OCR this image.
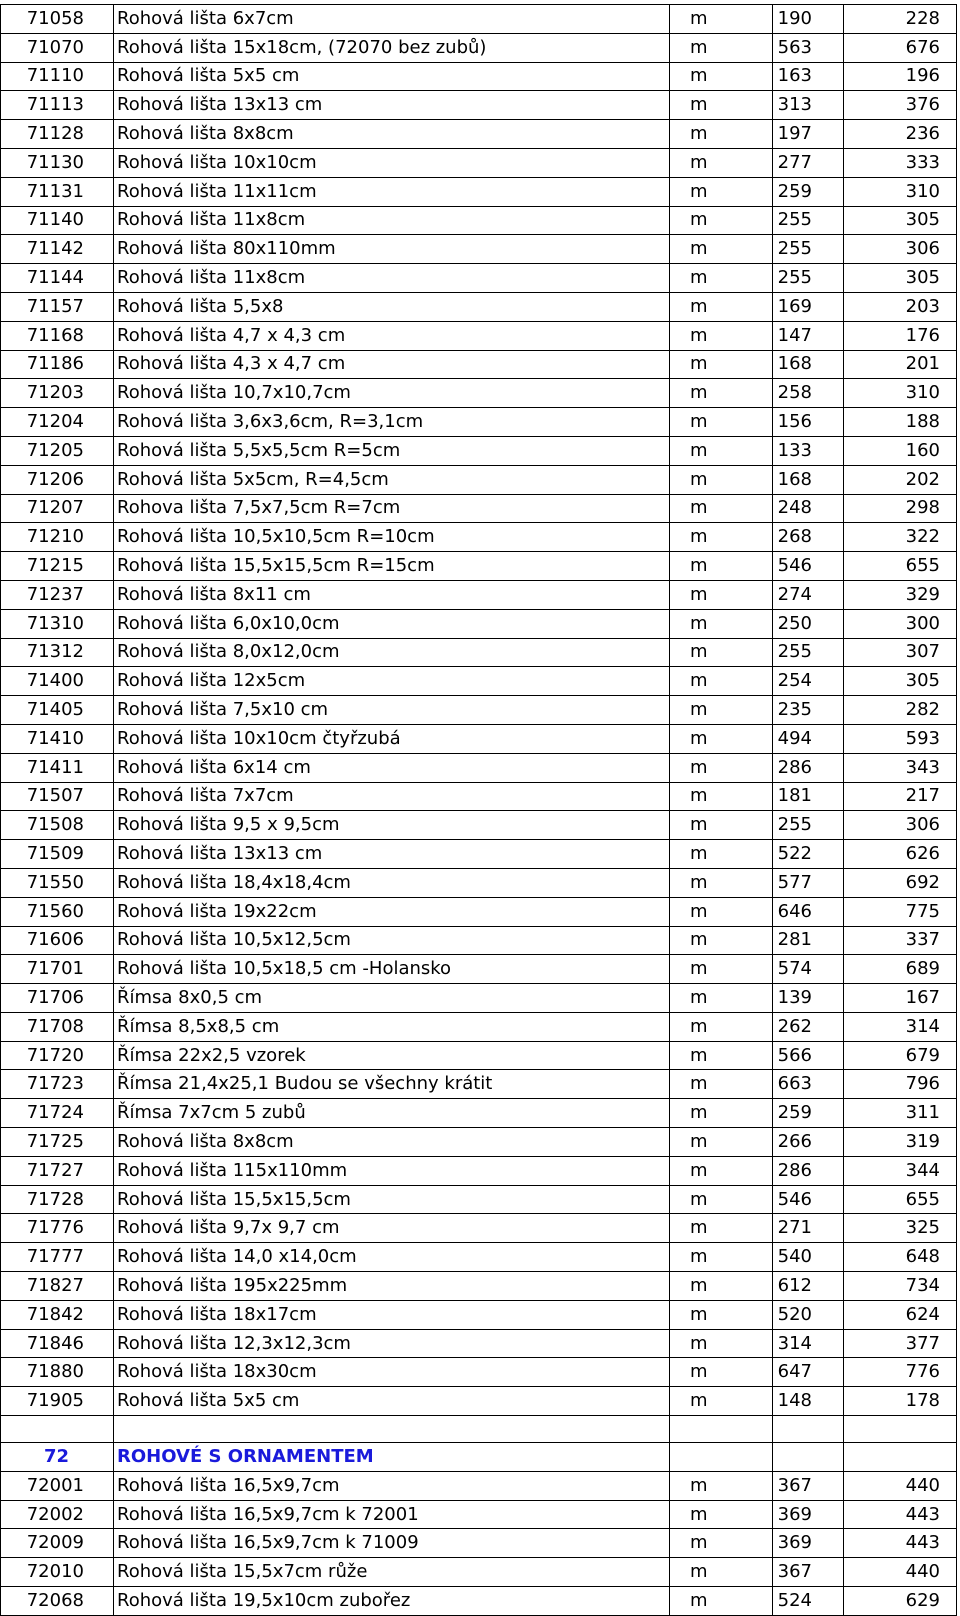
71058	Rohová lišta 6x7cm	m	190	228
71070	Rohová lišta 15x18cm, (72070 bez zubů)	m	563	676
71110	Rohová lišta 5x5 cm	m	163	196
71113	Rohová lišta 13x13 cm	m	313	376
71128	Rohová lišta 8x8cm	m	197	236
71130	Rohová lišta 10x10cm	m	277	333
71131	Rohová lišta 11x11cm	m	259	310
71140	Rohová lišta 11x8cm	m	255	305
71142	Rohová lišta 80x110mm	m	255	306
71144	Rohová lišta 11x8cm	m	255	305
71157	Rohová lišta 5,5x8	m	169	203
71168	Rohová lišta 4,7 x 4,3 cm	m	147	176
71186	Rohová lišta 4,3 x 4,7 cm	m	168	201
71203	Rohová lišta 10,7x10,7cm	m	258	310
71204	Rohová lišta 3,6x3,6cm, R=3,1cm	m	156	188
71205	Rohová lišta 5,5x5,5cm R=5cm	m	133	160
71206	Rohová lišta 5x5cm, R=4,5cm	m	168	202
71207	Rohova lišta 7,5x7,5cm R=7cm	m	248	298
71210	Rohová lišta 10,5x10,5cm R=10cm	m	268	322
71215	Rohová lišta 15,5x15,5cm R=15cm	m	546	655
71237	Rohová lišta 8x11 cm	m	274	329
71310	Rohová lišta 6,0x10,0cm	m	250	300
71312	Rohová lišta 8,0x12,0cm	m	255	307
71400	Rohová lišta 12x5cm	m	254	305
71405	Rohová lišta 7,5x10 cm	m	235	282
71410	Rohová lišta 10x10cm čtyřzubá	m	494	593
71411	Rohová lišta 6x14 cm	m	286	343
71507	Rohová lišta 7x7cm	m	181	217
71508	Rohová lišta 9,5 x 9,5cm	m	255	306
71509	Rohová lišta 13x13 cm	m	522	626
71550	Rohová lišta 18,4x18,4cm	m	577	692
71560	Rohová lišta 19x22cm	m	646	775
71606	Rohová lišta 10,5x12,5cm	m	281	337
71701	Rohová lišta 10,5x18,5 cm -Holansko	m	574	689
71706	Římsa 8x0,5 cm	m	139	167
71708	Římsa 8,5x8,5 cm	m	262	314
71720	Římsa 22x2,5 vzorek	m	566	679
71723	Římsa 21,4x25,1 Budou se všechny krátit	m	663	796
71724	Římsa 7x7cm 5 zubů	m	259	311
71725	Rohová lišta 8x8cm	m	266	319
71727	Rohová lišta 115x110mm	m	286	344
71728	Rohová lišta 15,5x15,5cm	m	546	655
71776	Rohová lišta 9,7x 9,7 cm	m	271	325
71777	Rohová lišta 14,0 x14,0cm	m	540	648
71827	Rohová lišta 195x225mm	m	612	734
71842	Rohová lišta 18x17cm	m	520	624
71846	Rohová lišta 12,3x12,3cm	m	314	377
71880	Rohová lišta 18x30cm	m	647	776
71905	Rohová lišta 5x5 cm	m	148	178

72	ROHOVÉ S ORNAMENTEM			
72001	Rohová lišta 16,5x9,7cm	m	367	440
72002	Rohová lišta 16,5x9,7cm k 72001	m	369	443
72009	Rohová lišta 16,5x9,7cm k 71009	m	369	443
72010	Rohová lišta 15,5x7cm růže	m	367	440
72068	Rohová lišta 19,5x10cm zubořez	m	524	629
